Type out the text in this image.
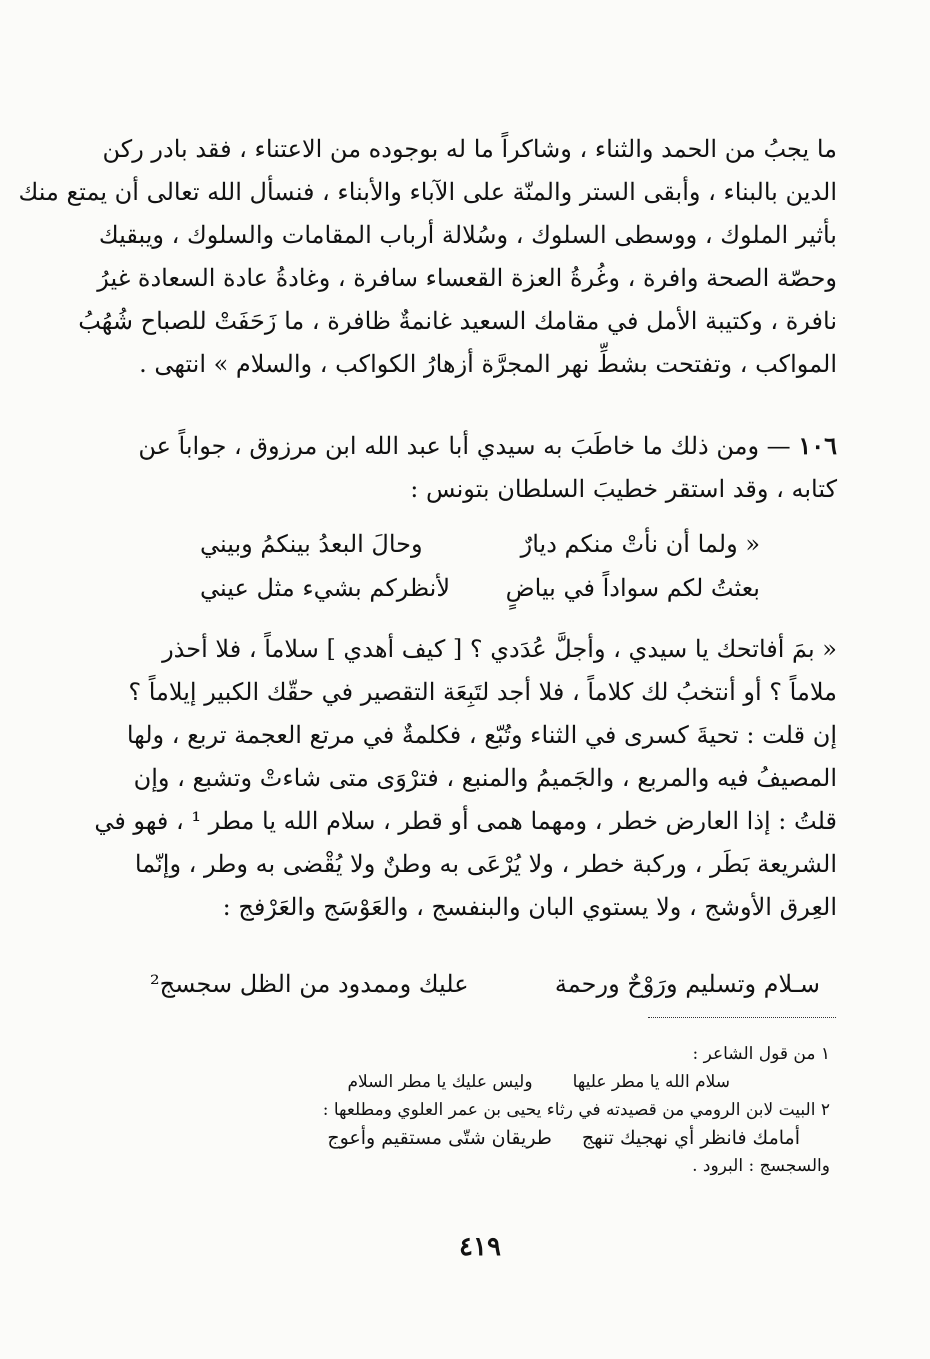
ما يجبُ من الحمد والثناء ، وشاكراً ما له بوجوده من الاعتناء ، فقد بادر ركن
الدين بالبناء ، وأبقى الستر والمنّة على الآباء والأبناء ، فنسأل الله تعالى أن يمتع منك
بأثير الملوك ، ووسطى السلوك ، وسُلالة أرباب المقامات والسلوك ، ويبقيك
وحصّة الصحة وافرة ، وغُرةُ العزة القعساء سافرة ، وغادةُ عادة السعادة غيرُ
نافرة ، وكتيبة الأمل في مقامك السعيد غانمةٌ ظافرة ، ما زَحَفَتْ للصباح شُهُبُ
المواكب ، وتفتحت بشطِّ نهر المجرَّة أزهارُ الكواكب ، والسلام » انتهى .
١٠٦ — ومن ذلك ما خاطَبَ به سيدي أبا عبد الله ابن مرزوق ، جواباً عن
كتابه ، وقد استقر خطيبَ السلطان بتونس :
« ولما أن نأتْ منكم ديارٌ
وحالَ البعدُ بينكمُ وبيني
بعثتُ لكم سواداً في بياضٍ
لأنظركم بشيء مثل عيني
« بمَ أفاتحك يا سيدي ، وأجلَّ عُدَدي ؟ [ كيف أهدي ] سلاماً ، فلا أحذر
ملاماً ؟ أو أنتخبُ لك كلاماً ، فلا أجد لتَبِعَة التقصير في حقّك الكبير إيلاماً ؟
إن قلت : تحيةَ كسرى في الثناء وتُبّع ، فكلمةٌ في مرتع العجمة تربع ، ولها
المصيفُ فيه والمربع ، والجَميمُ والمنبع ، فترْوَى متى شاءتْ وتشبع ، وإن
قلتُ : إذا العارض خطر ، ومهما همى أو قطر ، سلام الله يا مطر ¹ ، فهو في
الشريعة بَطَر ، وركبة خطر ، ولا يُرْعَى به وطنٌ ولا يُقْضى به وطر ، وإنّما
العِرق الأوشج ، ولا يستوي البان والبنفسج ، والعَوْسَج والعَرْفج :
سـلام وتسليم ورَوْحٌ ورحمة
عليك وممدود من الظل سجسج²
١ من قول الشاعر :
سلام الله يا مطر عليها
وليس عليك يا مطر السلام
٢ البيت لابن الرومي من قصيدته في رثاء يحيى بن عمر العلوي ومطلعها :
أمامك فانظر أي نهجيك تنهج
طريقان شتّى مستقيم وأعوج
والسجسج : البرود .
٤١٩
